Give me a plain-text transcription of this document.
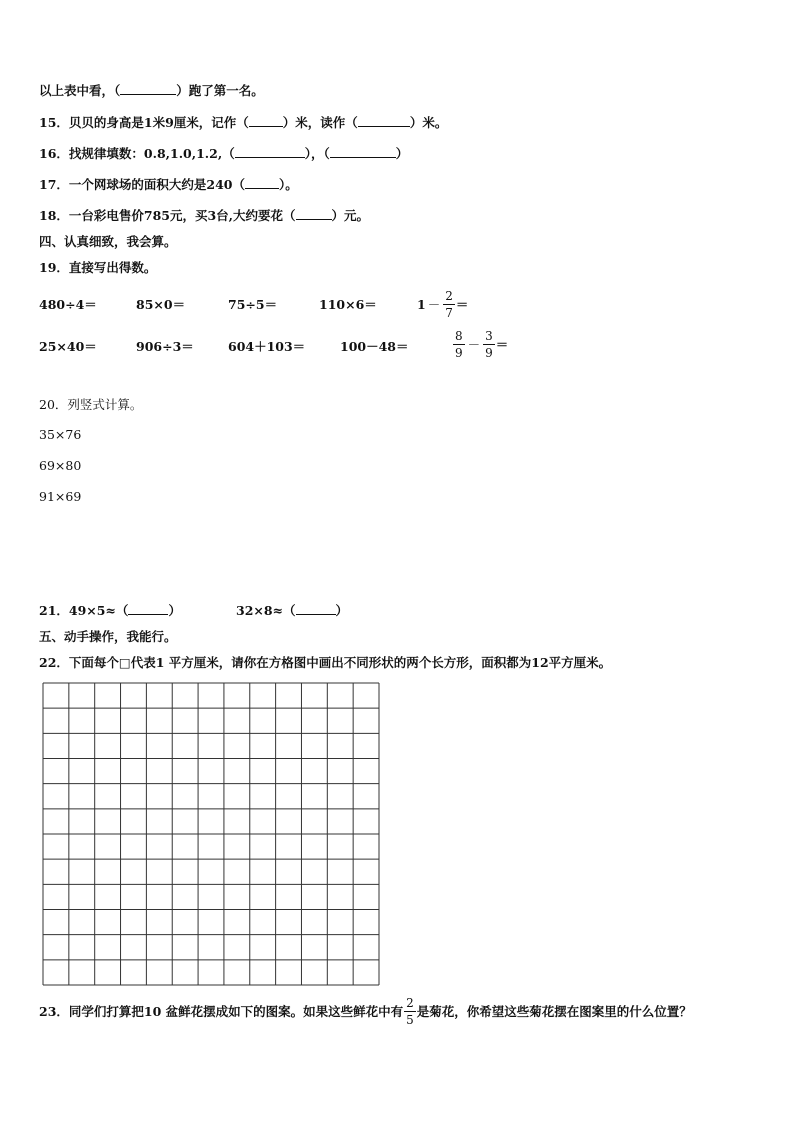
以上表中看，（	）跑了第一名。
15．贝贝的身高是1米9厘米，记作（	）米，读作（	）米。
16．找规律填数：0.8,1.0,1.2,（	），（	）
17．一个网球场的面积大约是240（	）。
18．一台彩电售价785元，买3台,大约要花（	）元。
四、认真细致，我会算。
19．直接写出得数。
480÷4＝	85×0＝	75÷5＝	110×6＝	$1 - \frac{2}{7}$ ＝
25×40＝	906÷3＝	604＋103＝	100－48＝	$\frac{8}{9} - \frac{3}{9}$ ＝
20．列竖式计算。
35×76
69×80
91×69
21．49×5≈（	）	32×8≈（	）
五、动手操作，我能行。
22．下面每个□代表1 平方厘米，请你在方格图中画出不同形状的两个长方形，面积都为12平方厘米。
23．同学们打算把10 盆鲜花摆成如下的图案。如果这些鲜花中有 $\frac{2}{5}$ 是菊花，你希望这些菊花摆在图案里的什么位置？
